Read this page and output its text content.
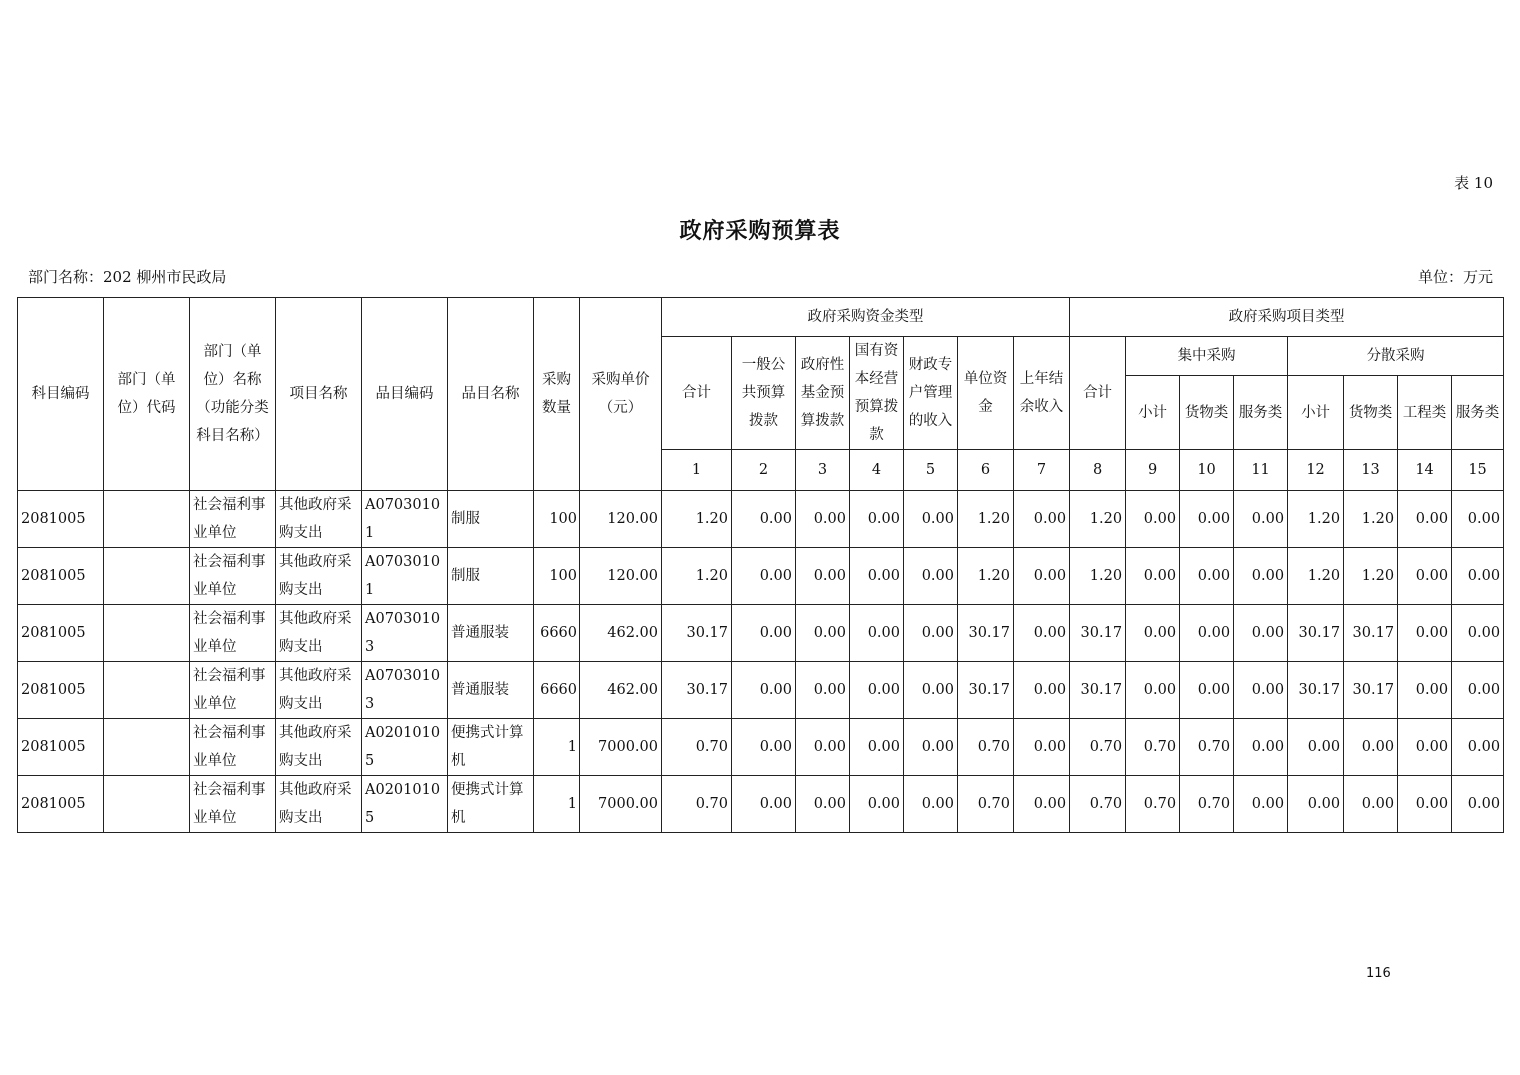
表 10
政府采购预算表
部门名称：202 柳州市民政局	单位：万元
科目编码	部门（单位）代码	部门（单位）名称（功能分类科目名称）	项目名称	品目编码	品目名称	采购数量	采购单价（元）	政府采购资金类型							政府采购项目类型							
								合计	一般公共预算拨款	政府性基金预算拨款	国有资本经营预算拨款	财政专户管理的收入	单位资金	上年结余收入	合计	集中采购			分散采购			
																小计	货物类	服务类	小计	货物类	工程类	服务类
								1	2	3	4	5	6	7	8	9	10	11	12	13	14	15
2081005		社会福利事业单位	其他政府采购支出	A07030101	制服	100	120.00	1.20	0.00	0.00	0.00	0.00	1.20	0.00	1.20	0.00	0.00	0.00	1.20	1.20	0.00	0.00
2081005		社会福利事业单位	其他政府采购支出	A07030101	制服	100	120.00	1.20	0.00	0.00	0.00	0.00	1.20	0.00	1.20	0.00	0.00	0.00	1.20	1.20	0.00	0.00
2081005		社会福利事业单位	其他政府采购支出	A07030103	普通服装	6660	462.00	30.17	0.00	0.00	0.00	0.00	30.17	0.00	30.17	0.00	0.00	0.00	30.17	30.17	0.00	0.00
2081005		社会福利事业单位	其他政府采购支出	A07030103	普通服装	6660	462.00	30.17	0.00	0.00	0.00	0.00	30.17	0.00	30.17	0.00	0.00	0.00	30.17	30.17	0.00	0.00
2081005		社会福利事业单位	其他政府采购支出	A02010105	便携式计算机	1	7000.00	0.70	0.00	0.00	0.00	0.00	0.70	0.00	0.70	0.70	0.70	0.00	0.00	0.00	0.00	0.00
2081005		社会福利事业单位	其他政府采购支出	A02010105	便携式计算机	1	7000.00	0.70	0.00	0.00	0.00	0.00	0.70	0.00	0.70	0.70	0.70	0.00	0.00	0.00	0.00	0.00
116
